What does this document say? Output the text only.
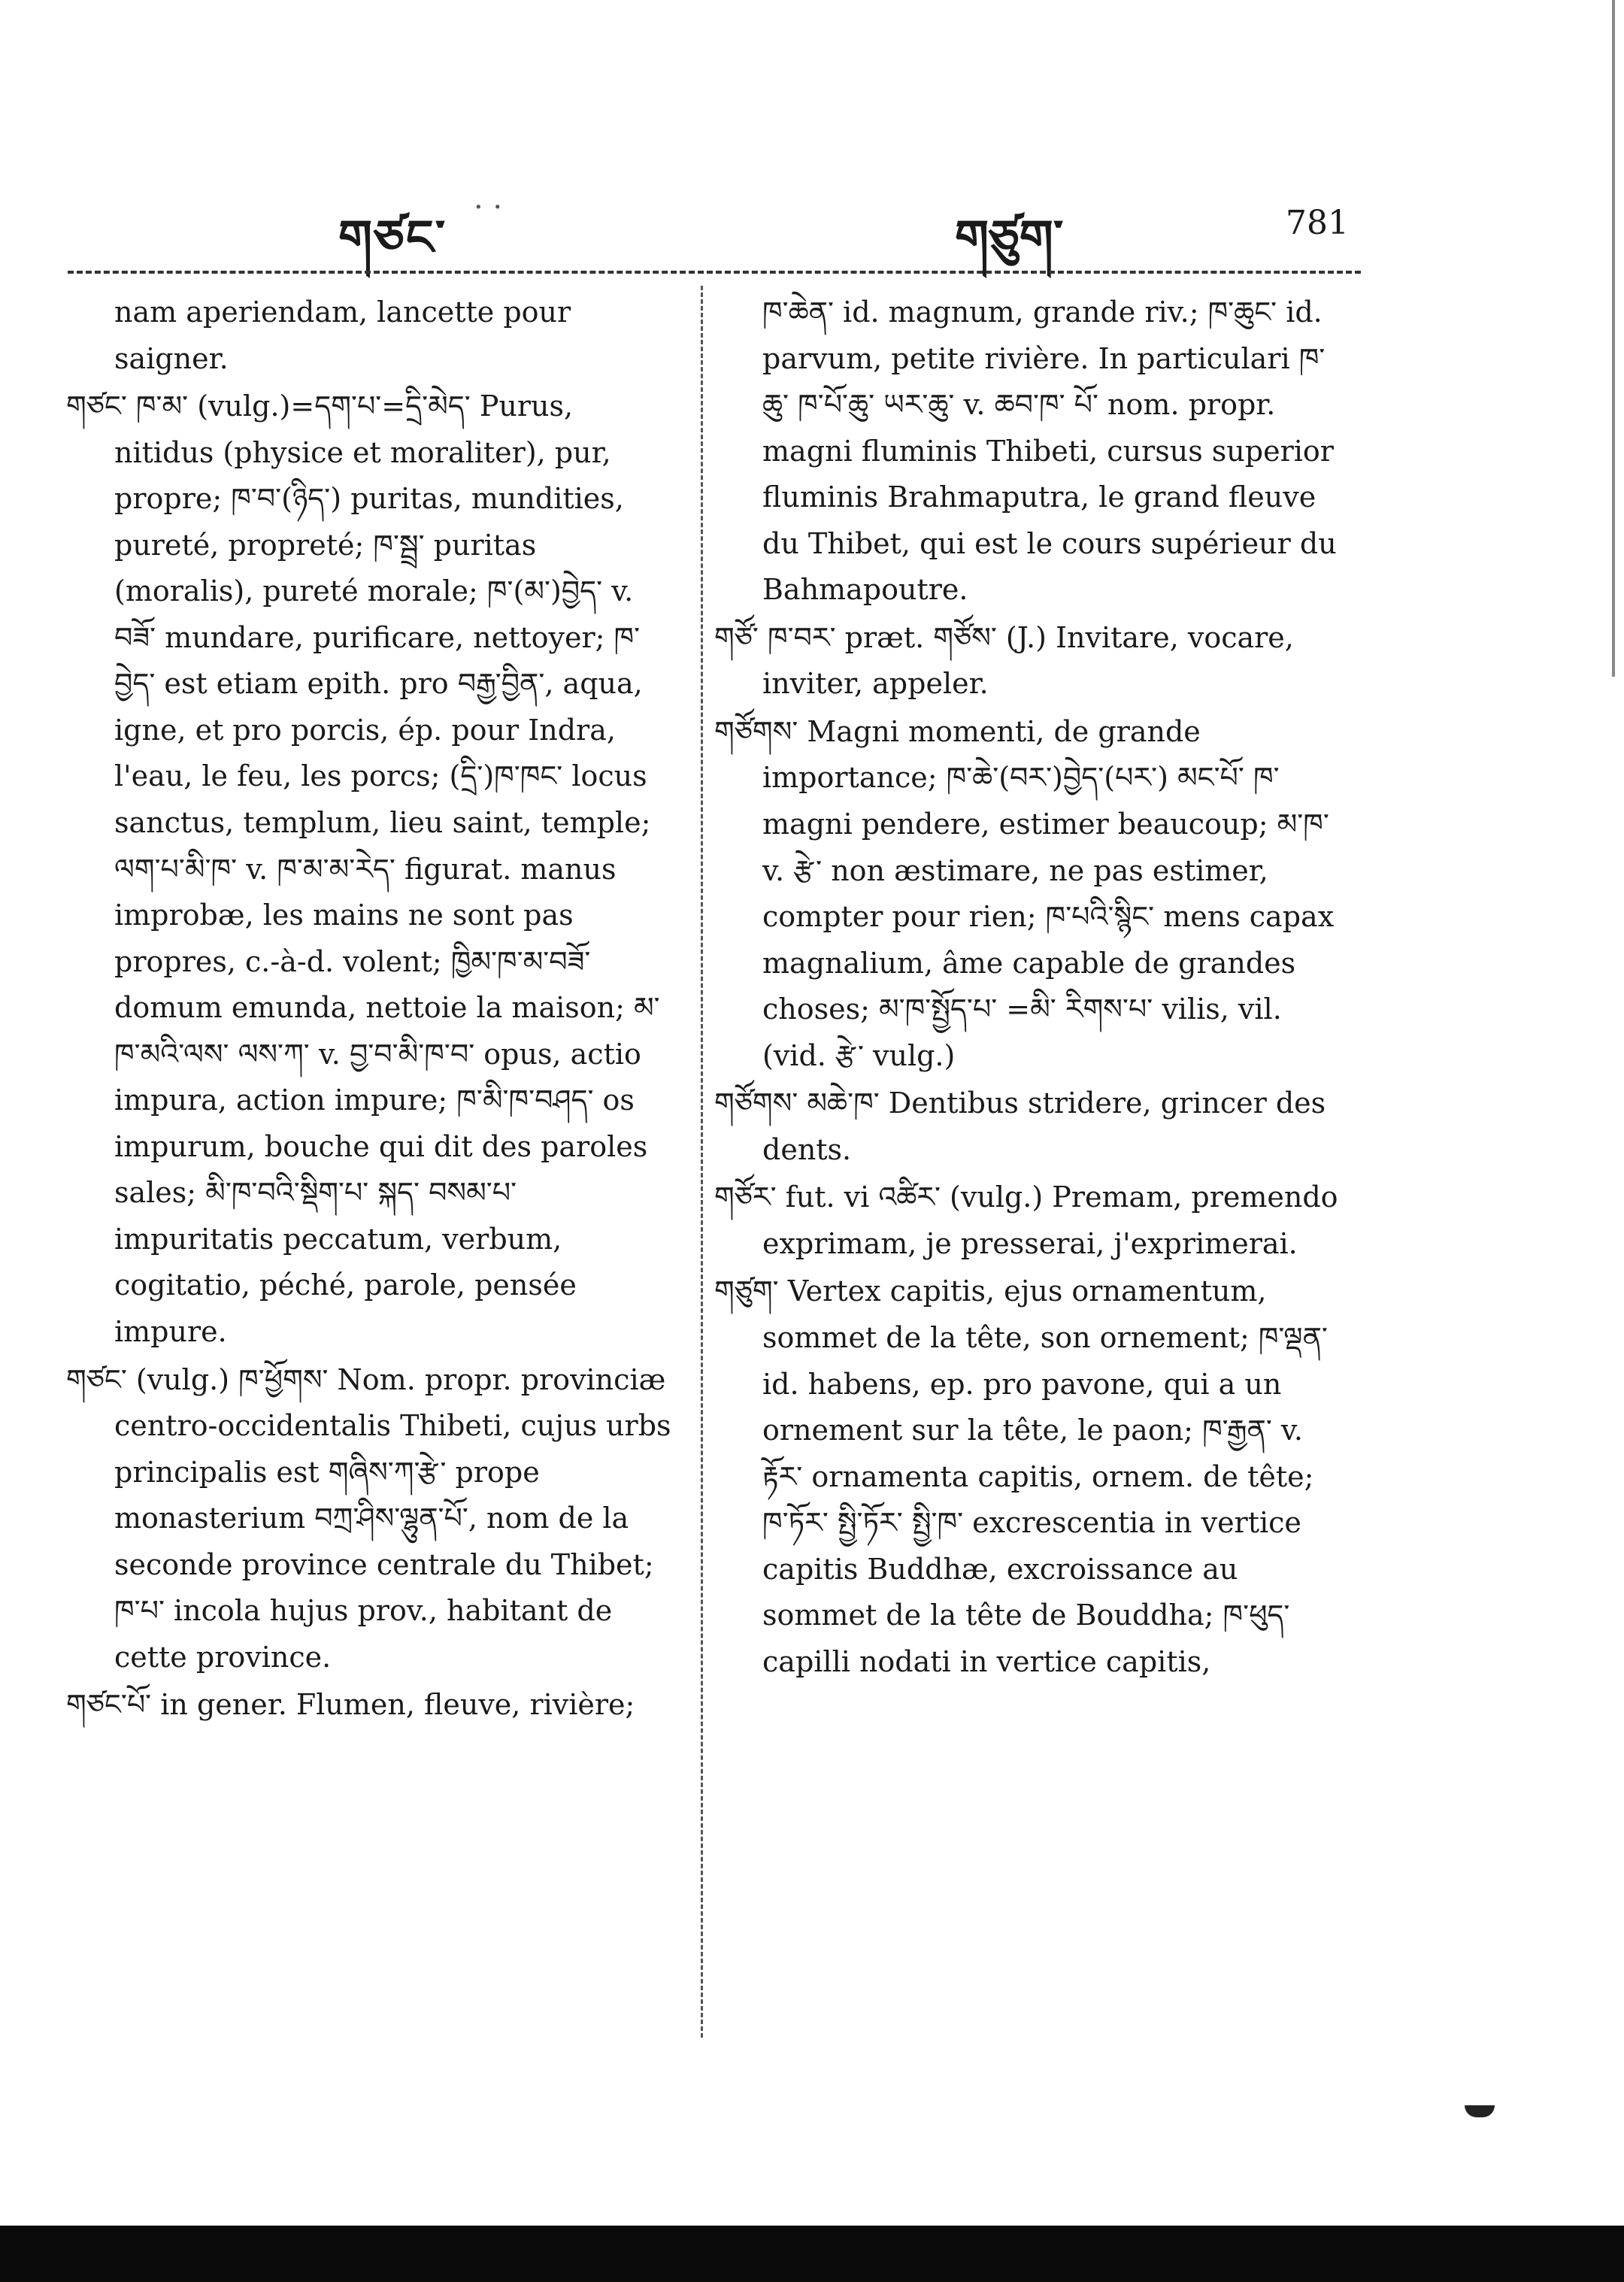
གཙང་
· ·
གཙུག་	781

nam aperiendam, lancette pour saigner.

གཙང་ ཁ་མ་ (vulg.)=དག་པ་=དྲི་མེད་ Purus, nitidus (physice et moraliter), pur, propre; ཁ་བ་(ཉིད་) puritas, mundities, pureté, propreté; ཁ་སྦྲ་ puritas (moralis), pureté morale; ཁ་(མ་)བྱེད་ v. བཟོ་ mundare, purificare, nettoyer; ཁ་བྱེད་ est etiam epith. pro བརྒྱ་བྱིན་, aqua, igne, et pro porcis, ép. pour Indra, l'eau, le feu, les porcs; (དྲི་)ཁ་ཁང་ locus sanctus, templum, lieu saint, temple; ལག་པ་མི་ཁ་ v. ཁ་མ་མ་རེད་ figurat. manus improbæ, les mains ne sont pas propres, c.-à-d. volent; ཁྱིམ་ཁ་མ་བཟོ་ domum emunda, nettoie la maison; མ་ཁ་མའི་ལས་ ལས་ཀ་ v. བྱ་བ་མི་ཁ་བ་ opus, actio impura, action impure; ཁ་མི་ཁ་བཤད་ os impurum, bouche qui dit des paroles sales; མི་ཁ་བའི་སྡིག་པ་ སྐད་ བསམ་པ་ impuritatis peccatum, verbum, cogitatio, péché, parole, pensée impure.

གཙང་ (vulg.) ཁ་ཕྱོགས་ Nom. propr. provinciæ centro-occidentalis Thibeti, cujus urbs principalis est གཞིས་ཀ་རྩེ་ prope monasterium བཀྲ་ཤིས་ལྷུན་པོ་, nom de la seconde province centrale du Thibet; ཁ་པ་ incola hujus prov., habitant de cette province.

གཙང་པོ་ in gener. Flumen, fleuve, rivière;

ཁ་ཆེན་ id. magnum, grande riv.; ཁ་ཆུང་ id. parvum, petite rivière. In particulari ཁ་ཆུ་ ཁ་པོ་ཆུ་ ཡར་ཆུ་ v. ཆབ་ཁ་ པོ་ nom. propr. magni fluminis Thibeti, cursus superior fluminis Brahmaputra, le grand fleuve du Thibet, qui est le cours supérieur du Bahmapoutre.

གཙོ་ ཁ་བར་ præt. གཙོས་ (J.) Invitare, vocare, inviter, appeler.

གཙོགས་ Magni momenti, de grande importance; ཁ་ཆེ་(བར་)བྱེད་(པར་) མང་པོ་ ཁ་ magni pendere, estimer beaucoup; མ་ཁ་ v. རྩེ་ non æstimare, ne pas estimer, compter pour rien; ཁ་པའི་སྙིང་ mens capax magnalium, âme capable de grandes choses; མ་ཁ་སྤྱོད་པ་ =མི་ རིགས་པ་ vilis, vil. (vid. རྩེ་ vulg.)

གཙོགས་ མཆེ་ཁ་ Dentibus stridere, grincer des dents.

གཙོར་ fut. vi འཚིར་ (vulg.) Premam, premendo exprimam, je presserai, j'exprimerai.

གཙུག་ Vertex capitis, ejus ornamentum, sommet de la tête, son ornement; ཁ་ལྡན་ id. habens, ep. pro pavone, qui a un ornement sur la tête, le paon; ཁ་རྒྱན་ v. རྟོར་ ornamenta capitis, ornem. de tête; ཁ་ཏོར་ སྤྱི་ཏོར་ སྤྱི་ཁ་ excrescentia in vertice capitis Buddhæ, excroissance au sommet de la tête de Bouddha; ཁ་ཕུད་ capilli nodati in vertice capitis,
